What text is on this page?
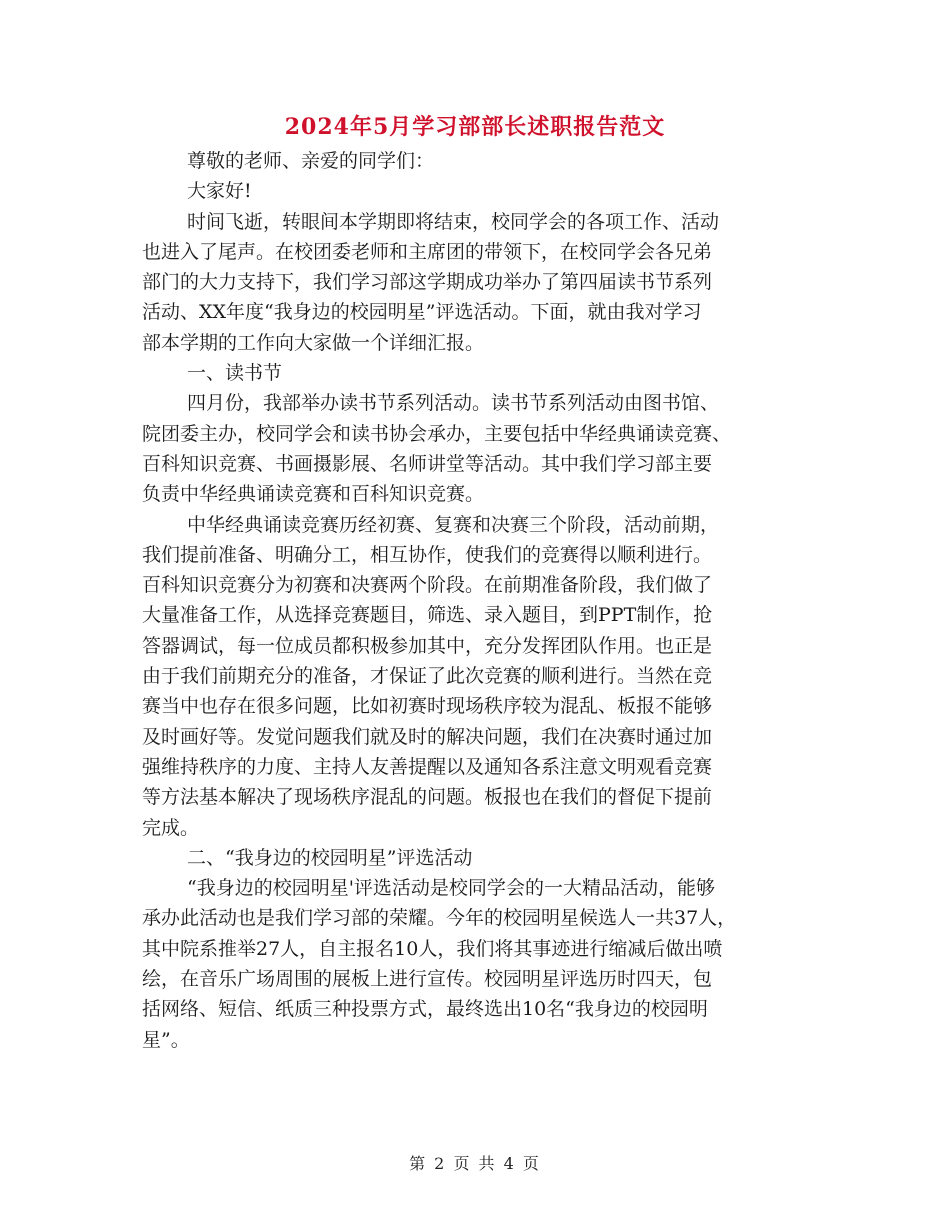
2024年5月学习部部长述职报告范文
尊敬的老师、亲爱的同学们：
大家好!
时间飞逝，转眼间本学期即将结束，校同学会的各项工作、活动
也进入了尾声。在校团委老师和主席团的带领下，在校同学会各兄弟
部门的大力支持下，我们学习部这学期成功举办了第四届读书节系列
活动、XX年度“我身边的校园明星”评选活动。下面，就由我对学习
部本学期的工作向大家做一个详细汇报。
一、读书节
四月份，我部举办读书节系列活动。读书节系列活动由图书馆、
院团委主办，校同学会和读书协会承办，主要包括中华经典诵读竞赛、
百科知识竞赛、书画摄影展、名师讲堂等活动。其中我们学习部主要
负责中华经典诵读竞赛和百科知识竞赛。
中华经典诵读竞赛历经初赛、复赛和决赛三个阶段，活动前期，
我们提前准备、明确分工，相互协作，使我们的竞赛得以顺利进行。
百科知识竞赛分为初赛和决赛两个阶段。在前期准备阶段，我们做了
大量准备工作，从选择竞赛题目，筛选、录入题目，到PPT制作，抢
答器调试，每一位成员都积极参加其中，充分发挥团队作用。也正是
由于我们前期充分的准备，才保证了此次竞赛的顺利进行。当然在竞
赛当中也存在很多问题，比如初赛时现场秩序较为混乱、板报不能够
及时画好等。发觉问题我们就及时的解决问题，我们在决赛时通过加
强维持秩序的力度、主持人友善提醒以及通知各系注意文明观看竞赛
等方法基本解决了现场秩序混乱的问题。板报也在我们的督促下提前
完成。
二、“我身边的校园明星”评选活动
“我身边的校园明星'评选活动是校同学会的一大精品活动，能够
承办此活动也是我们学习部的荣耀。今年的校园明星候选人一共37人，
其中院系推举27人，自主报名10人，我们将其事迹进行缩减后做出喷
绘，在音乐广场周围的展板上进行宣传。校园明星评选历时四天，包
括网络、短信、纸质三种投票方式，最终选出10名“我身边的校园明
星”。
第 2 页 共 4 页
